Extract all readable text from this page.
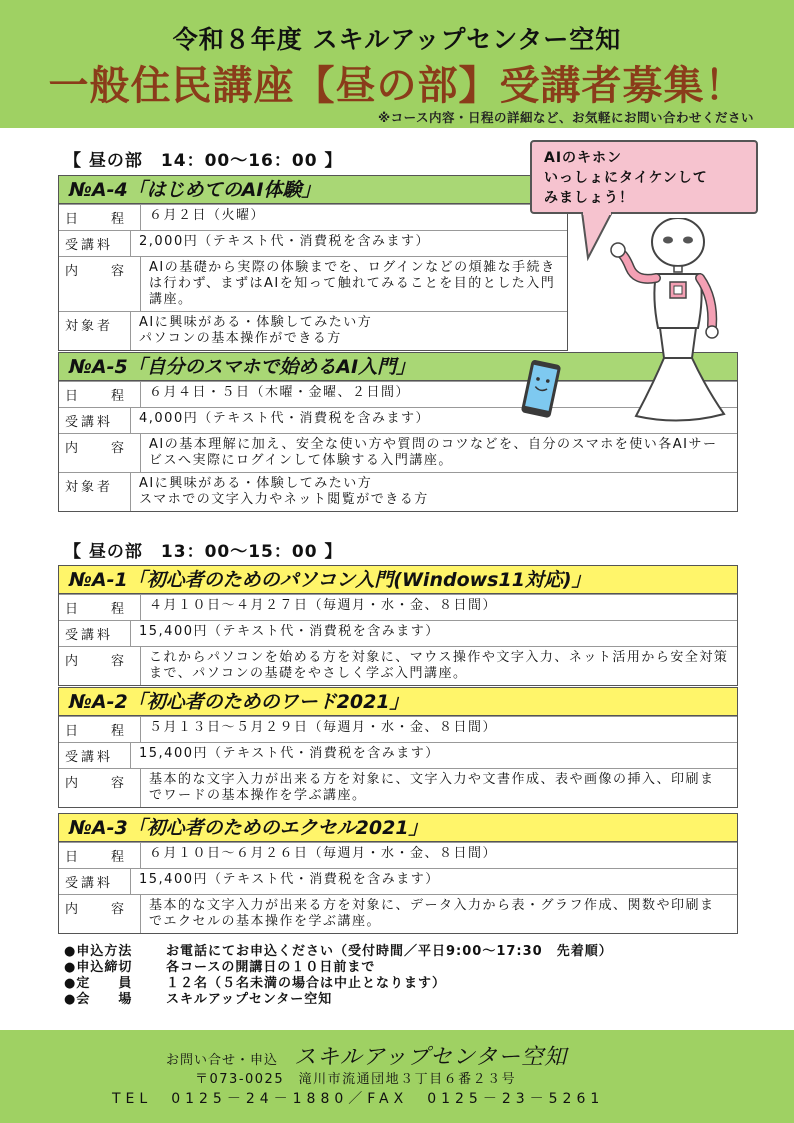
令和８年度 スキルアップセンター空知
一般住民講座【昼の部】受講者募集！
※コース内容・日程の詳細など、お気軽にお問い合わせください
【 昼の部　14：00～16：00 】
№A-4「はじめてのAI体験」
日　程	６月２日（火曜）
受講料	2,000円（テキスト代・消費税を含みます）
内　容	AIの基礎から実際の体験までを、ログインなどの煩雑な手続きは行わず、まずはAIを知って触れてみることを目的とした入門講座。
対象者	AIに興味がある・体験してみたい方
パソコンの基本操作ができる方
№A-5「自分のスマホで始めるAI入門」
日　程	６月４日・５日（木曜・金曜、２日間）
受講料	4,000円（テキスト代・消費税を含みます）
内　容	AIの基本理解に加え、安全な使い方や質問のコツなどを、自分のスマホを使い各AIサービスへ実際にログインして体験する入門講座。
対象者	AIに興味がある・体験してみたい方
スマホでの文字入力やネット閲覧ができる方
【 昼の部　13：00～15：00 】
№A-1「初心者のためのパソコン入門(Windows11対応)」
日　程	４月１０日～４月２７日（毎週月・水・金、８日間）
受講料	15,400円（テキスト代・消費税を含みます）
内　容	これからパソコンを始める方を対象に、マウス操作や文字入力、ネット活用から安全対策まで、パソコンの基礎をやさしく学ぶ入門講座。
№A-2「初心者のためのワード2021」
日　程	５月１３日～５月２９日（毎週月・水・金、８日間）
受講料	15,400円（テキスト代・消費税を含みます）
内　容	基本的な文字入力が出来る方を対象に、文字入力や文書作成、表や画像の挿入、印刷までワードの基本操作を学ぶ講座。
№A-3「初心者のためのエクセル2021」
日　程	６月１０日～６月２６日（毎週月・水・金、８日間）
受講料	15,400円（テキスト代・消費税を含みます）
内　容	基本的な文字入力が出来る方を対象に、データ入力から表・グラフ作成、関数や印刷までエクセルの基本操作を学ぶ講座。
AIのキホン
いっしょにタイケンして
みましょう！
●申込方法	お電話にてお申込ください（受付時間／平日9:00～17:30　先着順）
●申込締切	各コースの開講日の１０日前まで
●定　　員	１２名（５名未満の場合は中止となります）
●会　　場	スキルアップセンター空知
お問い合せ・申込 スキルアップセンター空知
〒073-0025　滝川市流通団地３丁目６番２３号
TEL　0125－24－1880／FAX　0125－23－5261
